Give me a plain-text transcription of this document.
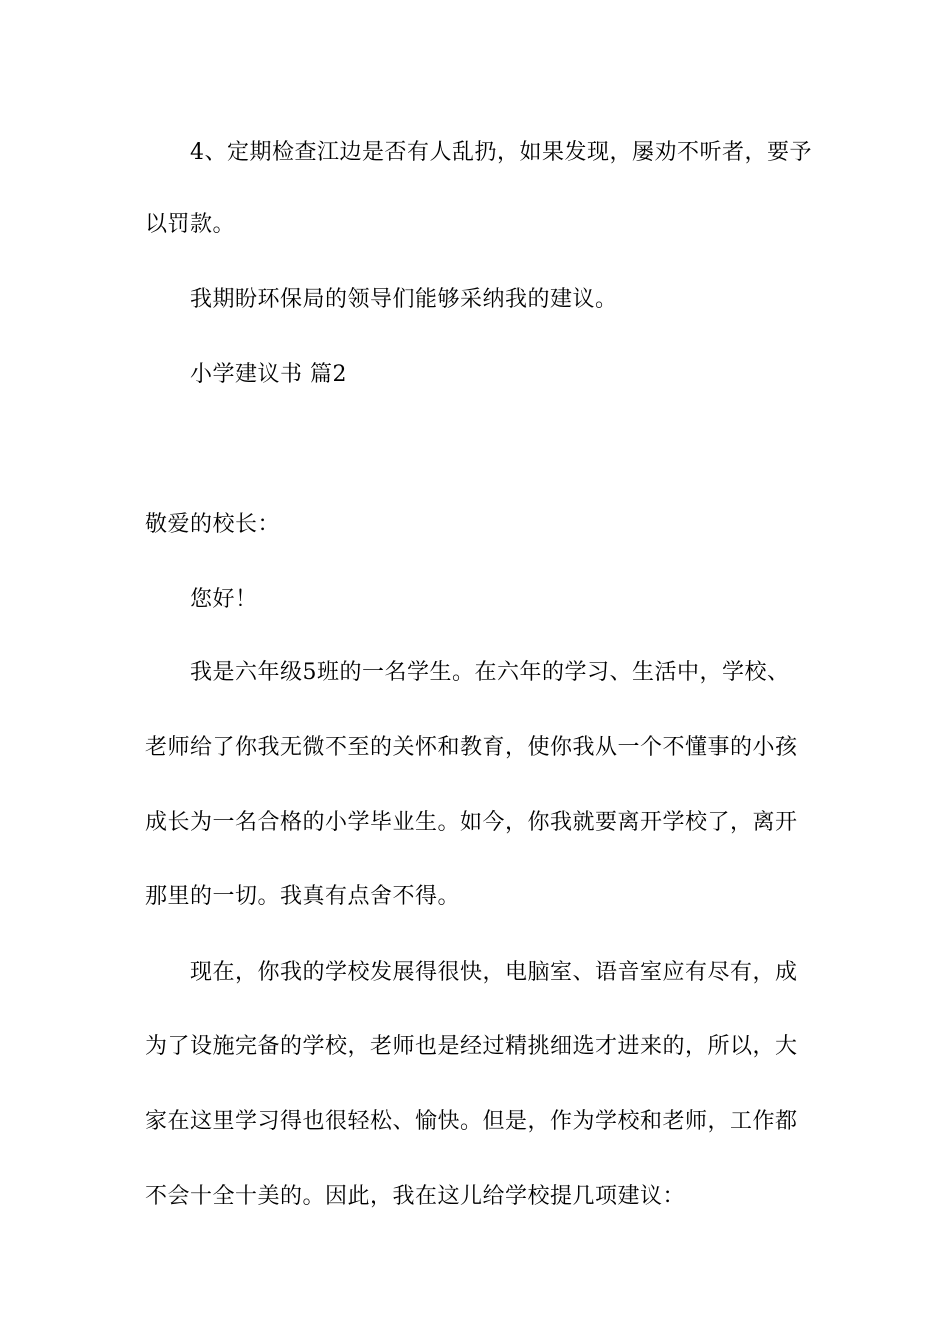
4、定期检查江边是否有人乱扔，如果发现，屡劝不听者，要予
以罚款。
我期盼环保局的领导们能够采纳我的建议。
小学建议书 篇2
敬爱的校长：
您好！
我是六年级5班的一名学生。在六年的学习、生活中，学校、
老师给了你我无微不至的关怀和教育，使你我从一个不懂事的小孩
成长为一名合格的小学毕业生。如今，你我就要离开学校了，离开
那里的一切。我真有点舍不得。
现在，你我的学校发展得很快，电脑室、语音室应有尽有，成
为了设施完备的学校，老师也是经过精挑细选才进来的，所以，大
家在这里学习得也很轻松、愉快。但是，作为学校和老师，工作都
不会十全十美的。因此，我在这儿给学校提几项建议：
